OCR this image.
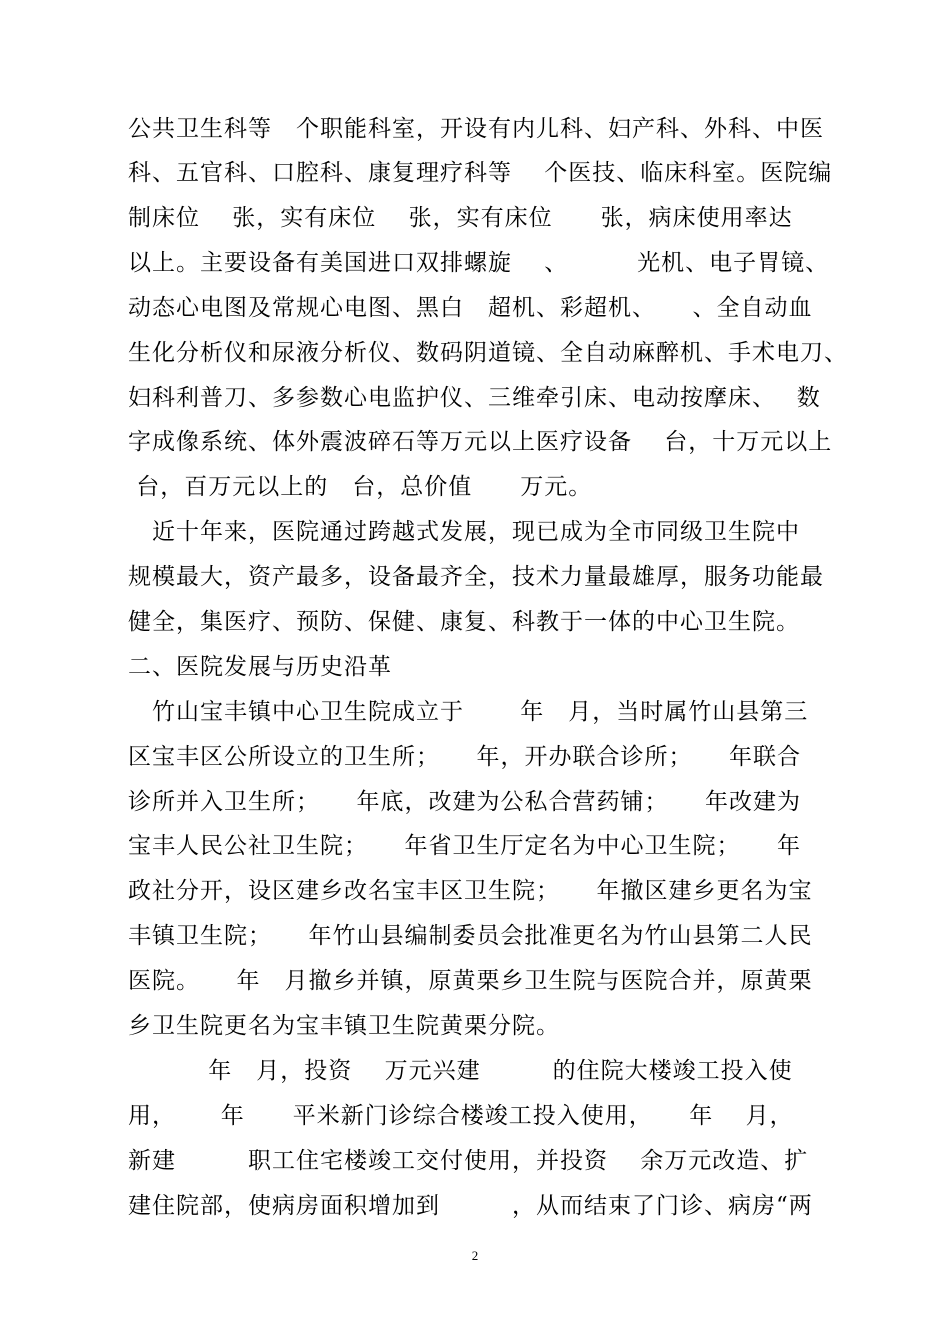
公共卫生科等　个职能科室，开设有内儿科、妇产科、外科、中医
科、五官科、口腔科、康复理疗科等　 个医技、临床科室。医院编
制床位　 张，实有床位　 张，实有床位　　张，病床使用率达
以上。主要设备有美国进口双排螺旋　 、　　　 光机、电子胃镜、
动态心电图及常规心电图、黑白　超机、彩超机、　　、全自动血
生化分析仪和尿液分析仪、数码阴道镜、全自动麻醉机、手术电刀、
妇科利普刀、多参数心电监护仪、三维牵引床、电动按摩床、　 数
字成像系统、体外震波碎石等万元以上医疗设备　 台，十万元以上
台，百万元以上的　台，总价值　　万元。
　近十年来，医院通过跨越式发展，现已成为全市同级卫生院中
规模最大，资产最多，设备最齐全，技术力量最雄厚，服务功能最
健全，集医疗、预防、保健、康复、科教于一体的中心卫生院。
二、医院发展与历史沿革
　竹山宝丰镇中心卫生院成立于　　 年　月，当时属竹山县第三
区宝丰区公所设立的卫生所；　　年，开办联合诊所；　　年联合
诊所并入卫生所；　　年底，改建为公私合营药铺；　　年改建为
宝丰人民公社卫生院；　　年省卫生厅定名为中心卫生院；　　年
政社分开，设区建乡改名宝丰区卫生院；　　年撤区建乡更名为宝
丰镇卫生院；　　年竹山县编制委员会批准更名为竹山县第二人民
医院。　　年　月撤乡并镇，原黄栗乡卫生院与医院合并，原黄栗
乡卫生院更名为宝丰镇卫生院黄栗分院。
　　　 年　月，投资　 万元兴建　　　的住院大楼竣工投入使
用，　　 年　　平米新门诊综合楼竣工投入使用，　　年　 月，
新建　　　职工住宅楼竣工交付使用，并投资　 余万元改造、扩
建住院部，使病房面积增加到　　　，从而结束了门诊、病房“两
2
